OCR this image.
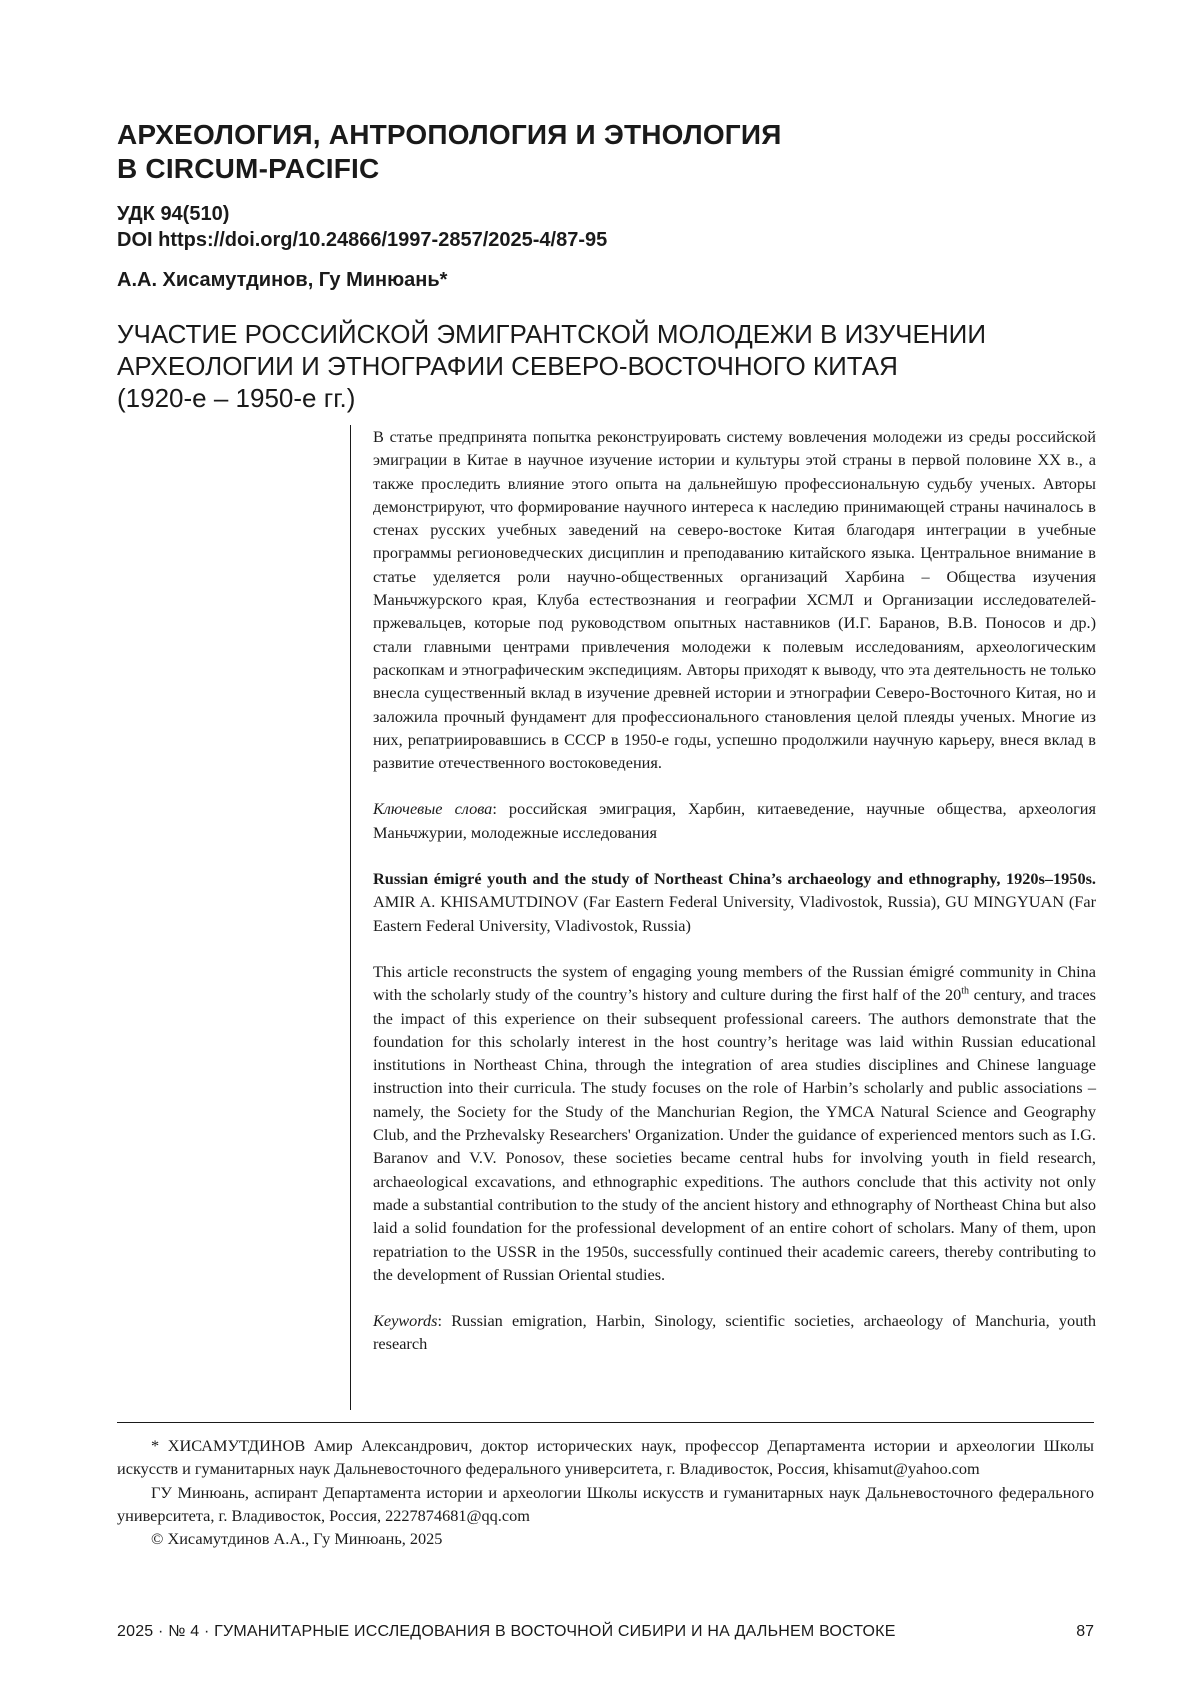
АРХЕОЛОГИЯ, АНТРОПОЛОГИЯ И ЭТНОЛОГИЯ
В CIRCUM-PACIFIC
УДК 94(510)
DOI https://doi.org/10.24866/1997-2857/2025-4/87-95
А.А. Хисамутдинов, Гу Минюань*
УЧАСТИЕ РОССИЙСКОЙ ЭМИГРАНТСКОЙ МОЛОДЕЖИ В ИЗУЧЕНИИ
АРХЕОЛОГИИ И ЭТНОГРАФИИ СЕВЕРО-ВОСТОЧНОГО КИТАЯ
(1920-е – 1950-е гг.)

В статье предпринята попытка реконструировать систему вовлечения молодежи из среды российской эмиграции в Китае в научное изучение истории и культуры этой страны в первой половине XX в., а также проследить влияние этого опыта на дальнейшую профессиональную судьбу ученых. Авторы демонстрируют, что формирование научного интереса к наследию принимающей страны начиналось в стенах русских учебных заведений на северо-востоке Китая благодаря интеграции в учебные программы регионоведческих дисциплин и преподаванию китайского языка. Центральное внимание в статье уделяется роли научно-общественных организаций Харбина – Общества изучения Маньчжурского края, Клуба естествознания и географии ХСМЛ и Организации исследователей-пржевальцев, которые под руководством опытных наставников (И.Г. Баранов, В.В. Поносов и др.) стали главными центрами привлечения молодежи к полевым исследованиям, археологическим раскопкам и этнографическим экспедициям. Авторы приходят к выводу, что эта деятельность не только внесла существенный вклад в изучение древней истории и этнографии Северо-Восточного Китая, но и заложила прочный фундамент для профессионального становления целой плеяды ученых. Многие из них, репатриировавшись в СССР в 1950-е годы, успешно продолжили научную карьеру, внеся вклад в развитие отечественного востоковедения.

Ключевые слова: российская эмиграция, Харбин, китаеведение, научные общества, археология Маньчжурии, молодежные исследования

Russian émigré youth and the study of Northeast China’s archaeology and ethnography, 1920s–1950s. AMIR A. KHISAMUTDINOV (Far Eastern Federal University, Vladivostok, Russia), GU MINGYUAN (Far Eastern Federal University, Vladivostok, Russia)

This article reconstructs the system of engaging young members of the Russian émigré community in China with the scholarly study of the country’s history and culture during the first half of the 20th century, and traces the impact of this experience on their subsequent professional careers. The authors demonstrate that the foundation for this scholarly interest in the host country’s heritage was laid within Russian educational institutions in Northeast China, through the integration of area studies disciplines and Chinese language instruction into their curricula. The study focuses on the role of Harbin’s scholarly and public associations – namely, the Society for the Study of the Manchurian Region, the YMCA Natural Science and Geography Club, and the Przhevalsky Researchers' Organization. Under the guidance of experienced mentors such as I.G. Baranov and V.V. Ponosov, these societies became central hubs for involving youth in field research, archaeological excavations, and ethnographic expeditions. The authors conclude that this activity not only made a substantial contribution to the study of the ancient history and ethnography of Northeast China but also laid a solid foundation for the professional development of an entire cohort of scholars. Many of them, upon repatriation to the USSR in the 1950s, successfully continued their academic careers, thereby contributing to the development of Russian Oriental studies.

Keywords: Russian emigration, Harbin, Sinology, scientific societies, archaeology of Manchuria, youth research

* ХИСАМУТДИНОВ Амир Александрович, доктор исторических наук, профессор Департамента истории и археологии Школы искусств и гуманитарных наук Дальневосточного федерального университета, г. Владивосток, Россия, khisamut@yahoo.com

ГУ Минюань, аспирант Департамента истории и археологии Школы искусств и гуманитарных наук Дальневосточного федерального университета, г. Владивосток, Россия, 2227874681@qq.com

© Хисамутдинов А.А., Гу Минюань, 2025

2025 · № 4 · ГУМАНИТАРНЫЕ ИССЛЕДОВАНИЯ В ВОСТОЧНОЙ СИБИРИ И НА ДАЛЬНЕМ ВОСТОКЕ	87
